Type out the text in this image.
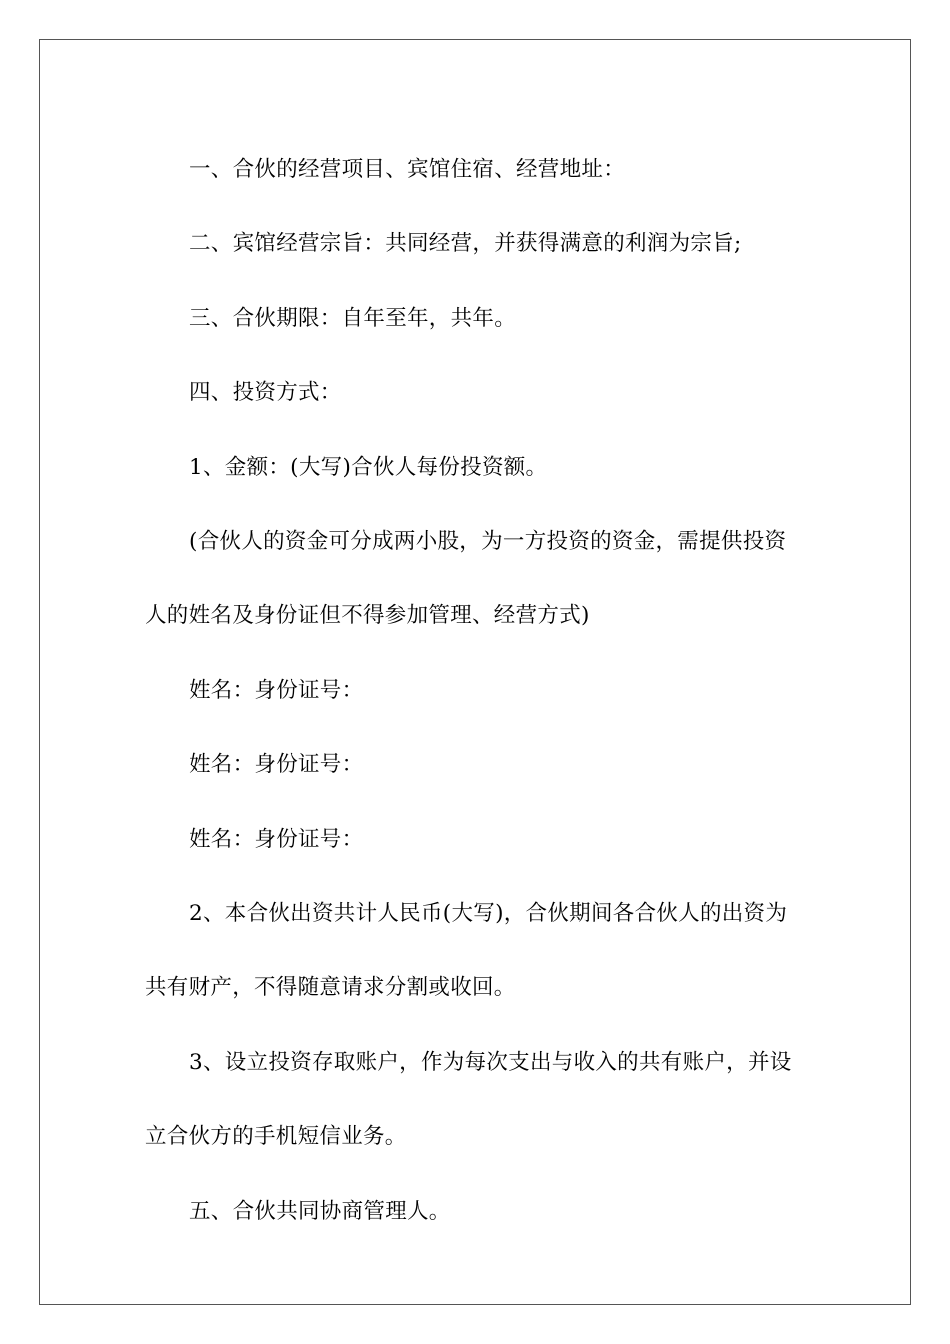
一、合伙的经营项目、宾馆住宿、经营地址：

二、宾馆经营宗旨：共同经营，并获得满意的利润为宗旨;

三、合伙期限：自年至年，共年。

四、投资方式：

1、金额：(大写)合伙人每份投资额。

(合伙人的资金可分成两小股，为一方投资的资金，需提供投资

人的姓名及身份证但不得参加管理、经营方式)

姓名：身份证号：

姓名：身份证号：

姓名：身份证号：

2、本合伙出资共计人民币(大写)，合伙期间各合伙人的出资为

共有财产，不得随意请求分割或收回。

3、设立投资存取账户，作为每次支出与收入的共有账户，并设

立合伙方的手机短信业务。

五、合伙共同协商管理人。
